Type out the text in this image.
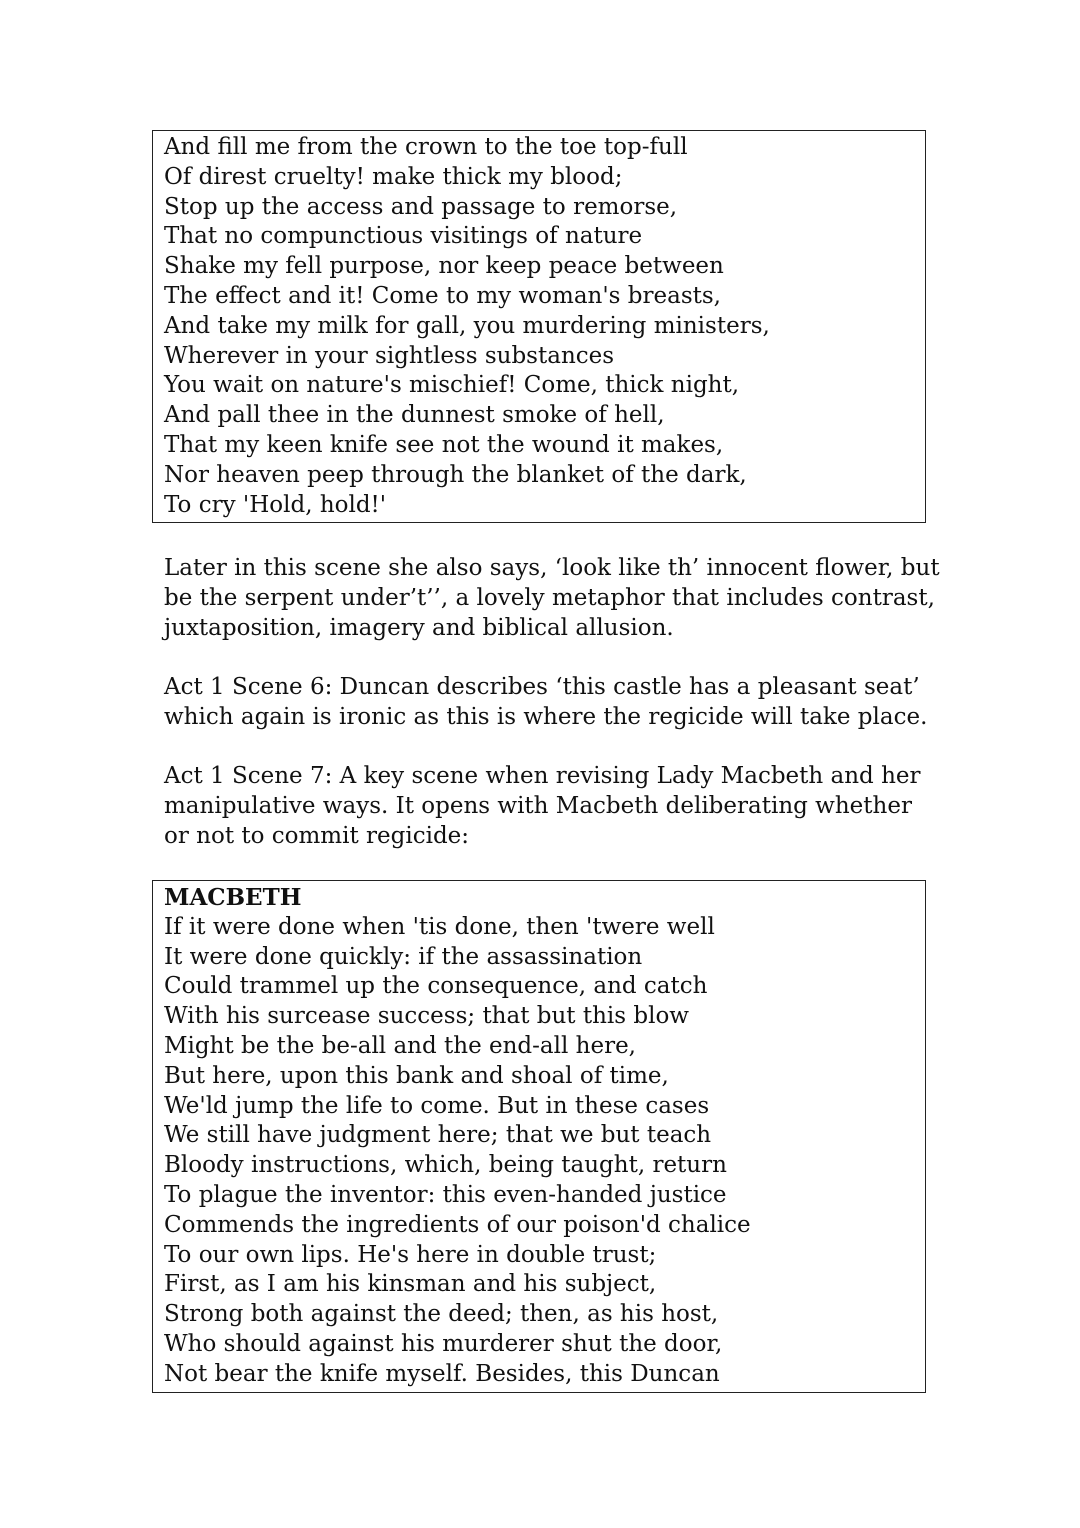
And fill me from the crown to the toe top-full
Of direst cruelty! make thick my blood;
Stop up the access and passage to remorse,
That no compunctious visitings of nature
Shake my fell purpose, nor keep peace between
The effect and it! Come to my woman's breasts,
And take my milk for gall, you murdering ministers,
Wherever in your sightless substances
You wait on nature's mischief! Come, thick night,
And pall thee in the dunnest smoke of hell,
That my keen knife see not the wound it makes,
Nor heaven peep through the blanket of the dark,
To cry 'Hold, hold!'

Later in this scene she also says, ‘look like th’ innocent flower, but be the serpent under’t’’, a lovely metaphor that includes contrast, juxtaposition, imagery and biblical allusion.

Act 1 Scene 6: Duncan describes ‘this castle has a pleasant seat’ which again is ironic as this is where the regicide will take place.

Act 1 Scene 7: A key scene when revising Lady Macbeth and her manipulative ways. It opens with Macbeth deliberating whether or not to commit regicide:

MACBETH
If it were done when 'tis done, then 'twere well
It were done quickly: if the assassination
Could trammel up the consequence, and catch
With his surcease success; that but this blow
Might be the be-all and the end-all here,
But here, upon this bank and shoal of time,
We'ld jump the life to come. But in these cases
We still have judgment here; that we but teach
Bloody instructions, which, being taught, return
To plague the inventor: this even-handed justice
Commends the ingredients of our poison'd chalice
To our own lips. He's here in double trust;
First, as I am his kinsman and his subject,
Strong both against the deed; then, as his host,
Who should against his murderer shut the door,
Not bear the knife myself. Besides, this Duncan
